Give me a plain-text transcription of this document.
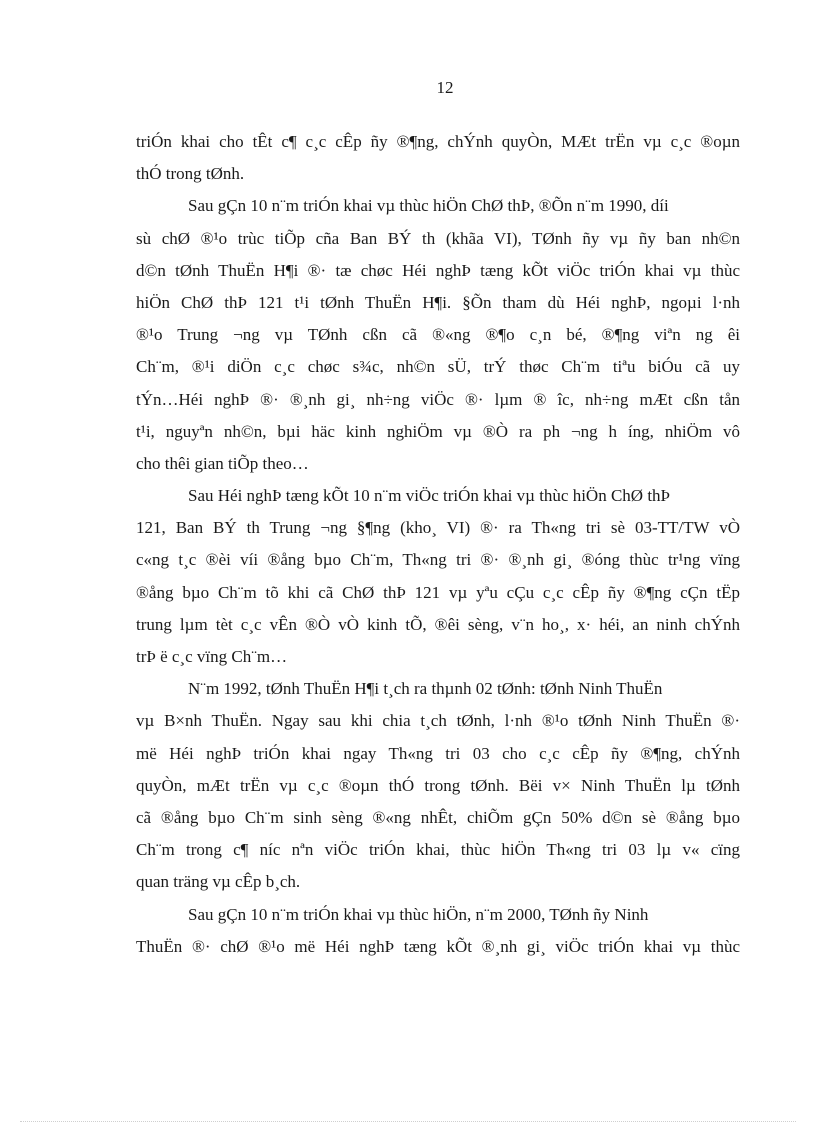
12
triÓn khai cho tÊt c¶ c¸c cÊp ñy ®¶ng, chÝnh quyÒn, MÆt trËn vµ c¸c ®oµn
thÓ trong tØnh.
Sau gÇn 10 n¨m triÓn khai vµ thùc hiÖn ChØ thÞ, ®Õn n¨m 1990, díi
sù chØ ®¹o trùc tiÕp cña Ban BÝ th (khãa VI), TØnh ñy vµ ñy ban nh©n
d©n tØnh ThuËn H¶i ®· tæ chøc Héi nghÞ tæng kÕt viÖc triÓn khai vµ thùc
hiÖn ChØ thÞ 121 t¹i tØnh ThuËn H¶i. §Õn tham dù Héi nghÞ, ngoµi l·nh
®¹o Trung ¬ng vµ TØnh cßn cã ®«ng ®¶o c¸n bé, ®¶ng viªn ng êi
Ch¨m, ®¹i diÖn c¸c chøc s¾c, nh©n sÜ, trÝ thøc Ch¨m tiªu biÓu cã uy
tÝn…Héi nghÞ ®· ®¸nh gi¸ nh÷ng viÖc ®· lµm ® îc, nh÷ng mÆt cßn tån
t¹i, nguyªn nh©n, bµi häc kinh nghiÖm vµ ®Ò ra ph ¬ng h íng, nhiÖm vô
cho thêi gian tiÕp theo…
Sau Héi nghÞ tæng kÕt 10 n¨m viÖc triÓn khai vµ thùc hiÖn ChØ thÞ
121, Ban BÝ th Trung ¬ng §¶ng (kho¸ VI) ®· ra Th«ng tri sè 03-TT/TW vÒ
c«ng t¸c ®èi víi ®ång bµo Ch¨m, Th«ng tri ®· ®¸nh gi¸ ®óng thùc tr¹ng vïng
®ång bµo Ch¨m tõ khi cã ChØ thÞ 121 vµ yªu cÇu c¸c cÊp ñy ®¶ng cÇn tËp
trung lµm tèt c¸c vÊn ®Ò vÒ kinh tÕ, ®êi sèng, v¨n ho¸, x· héi, an ninh chÝnh
trÞ ë c¸c vïng Ch¨m…
N¨m 1992, tØnh ThuËn H¶i t¸ch ra thµnh 02 tØnh: tØnh Ninh ThuËn
vµ B×nh ThuËn. Ngay sau khi chia t¸ch tØnh, l·nh ®¹o tØnh Ninh ThuËn ®·
më Héi nghÞ triÓn khai ngay Th«ng tri 03 cho c¸c cÊp ñy ®¶ng, chÝnh
quyÒn, mÆt trËn vµ c¸c ®oµn thÓ trong tØnh. Bëi v× Ninh ThuËn lµ tØnh
cã ®ång bµo Ch¨m sinh sèng ®«ng nhÊt, chiÕm gÇn 50% d©n sè ®ång bµo
Ch¨m trong c¶ níc nªn viÖc triÓn khai, thùc hiÖn Th«ng tri 03 lµ v« cïng
quan träng vµ cÊp b¸ch.
Sau gÇn 10 n¨m triÓn khai vµ thùc hiÖn, n¨m 2000, TØnh ñy Ninh
ThuËn ®· chØ ®¹o më Héi nghÞ tæng kÕt ®¸nh gi¸ viÖc triÓn khai vµ thùc
